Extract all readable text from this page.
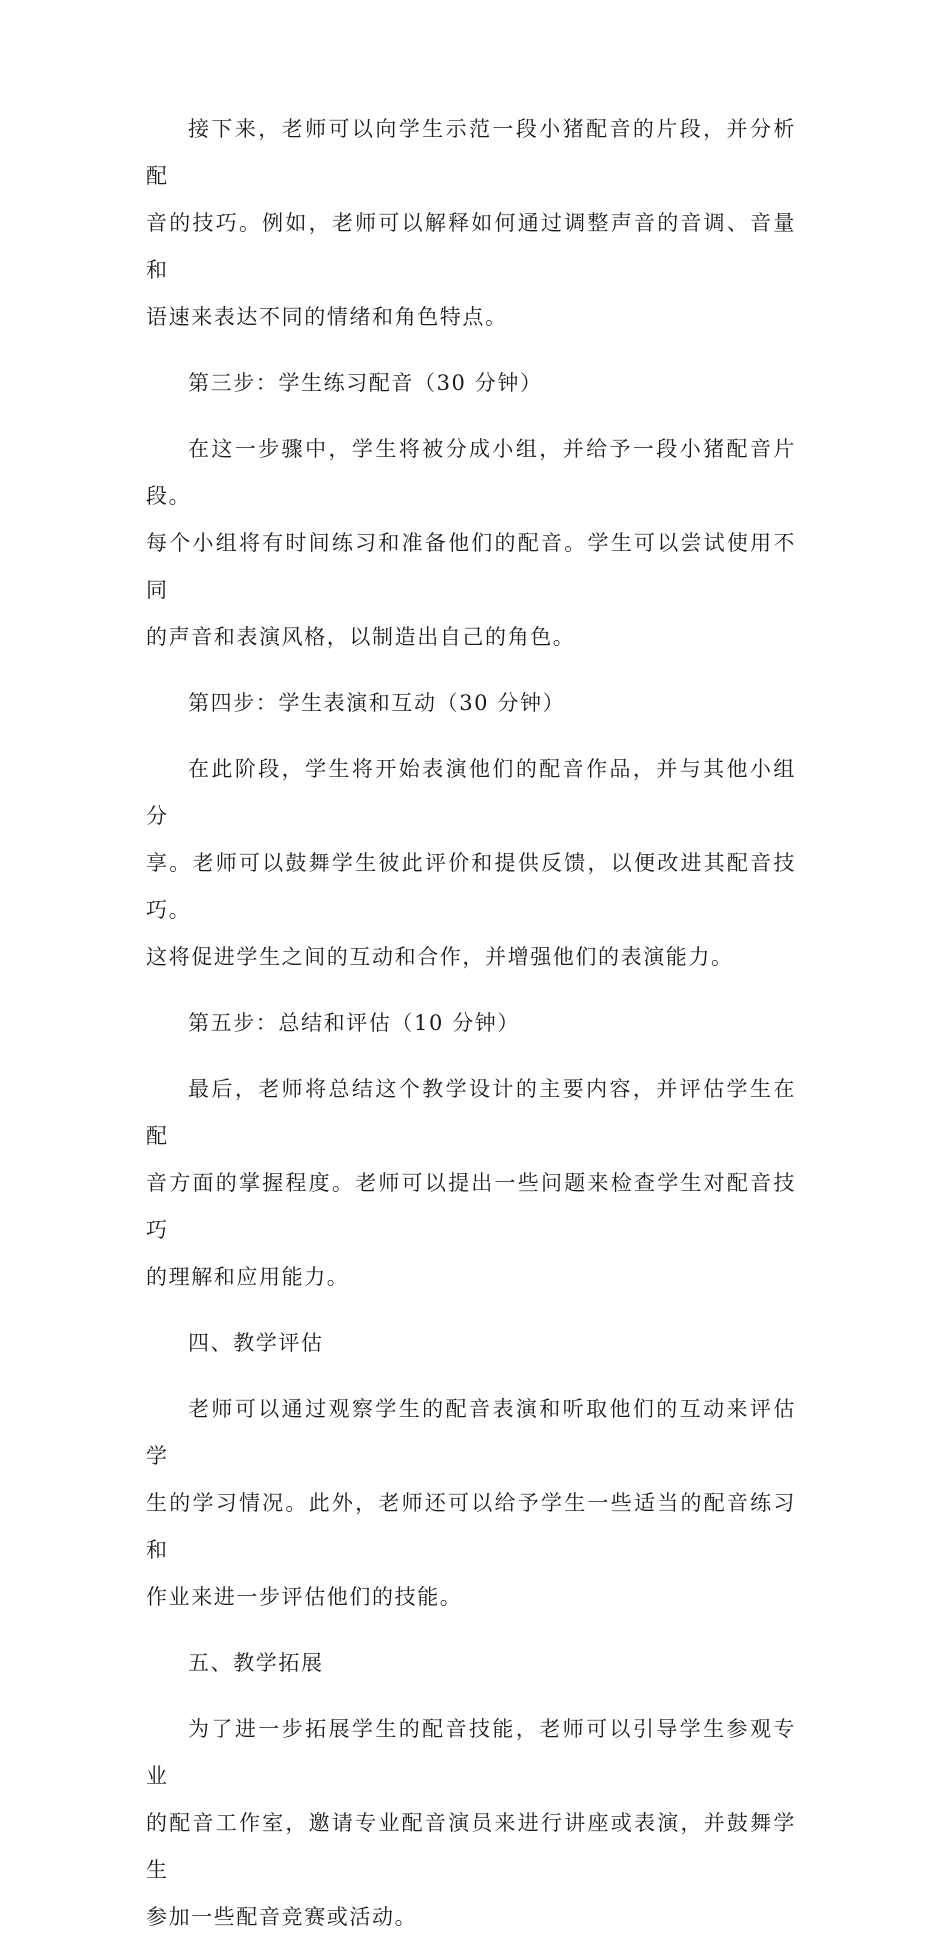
接下来，老师可以向学生示范一段小猪配音的片段，并分析配
音的技巧。例如，老师可以解释如何通过调整声音的音调、音量和
语速来表达不同的情绪和角色特点。
第三步：学生练习配音（30 分钟）
在这一步骤中，学生将被分成小组，并给予一段小猪配音片段。
每个小组将有时间练习和准备他们的配音。学生可以尝试使用不同
的声音和表演风格，以制造出自己的角色。
第四步：学生表演和互动（30 分钟）
在此阶段，学生将开始表演他们的配音作品，并与其他小组分
享。老师可以鼓舞学生彼此评价和提供反馈，以便改进其配音技巧。
这将促进学生之间的互动和合作，并增强他们的表演能力。
第五步：总结和评估（10 分钟）
最后，老师将总结这个教学设计的主要内容，并评估学生在配
音方面的掌握程度。老师可以提出一些问题来检查学生对配音技巧
的理解和应用能力。
四、教学评估
老师可以通过观察学生的配音表演和听取他们的互动来评估学
生的学习情况。此外，老师还可以给予学生一些适当的配音练习和
作业来进一步评估他们的技能。
五、教学拓展
为了进一步拓展学生的配音技能，老师可以引导学生参观专业
的配音工作室，邀请专业配音演员来进行讲座或表演，并鼓舞学生
参加一些配音竞赛或活动。
